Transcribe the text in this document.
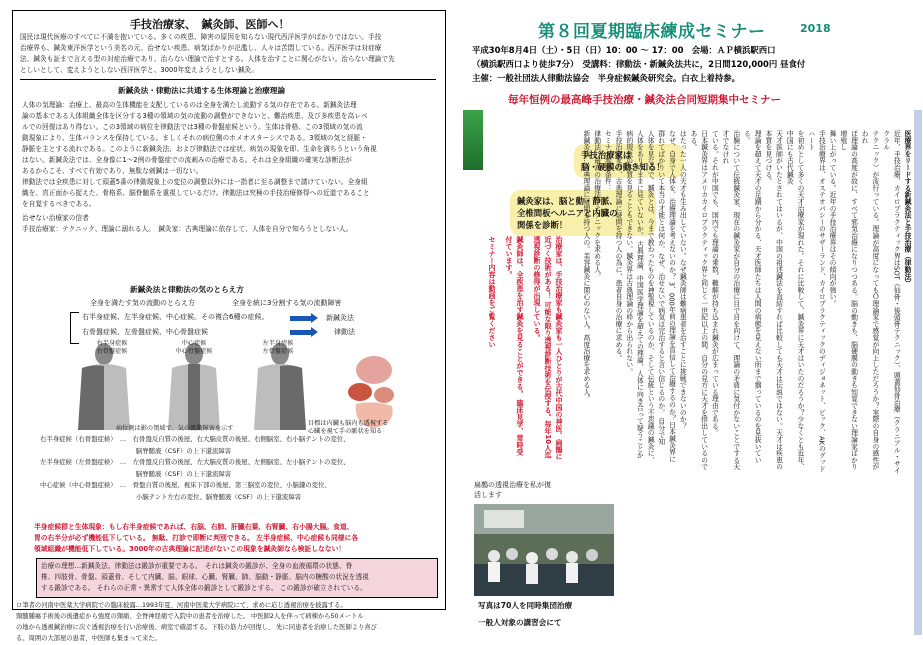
手技治療家、　鍼灸師、医師へ！
国民は現代医療のすべてに不満を抱いている。多くの疾患、障害の原因を知らない現代西洋医学がばかりではない。手技
治療界も、鍼灸東洋医学という美名の元、治せない疾患、病気ばかりが氾濫し、人々は苦悶している。西洋医学は対症療
法、鍼灸も証まで言える型の対症治療であり、治らない理論で治すとする。人体を治すことに関心がない。治らない理論で先
としいとして、変えようとしない西洋医学と、3000年変えようとしない鍼灸。
新鍼灸法・律動法に共通する生体理論と治療理論
人体の気理論：治療上、最高の生体機能を支配しているのは全身を満たし流動する気の存在である。新鍼灸法理
論の基本である人体組織全体を区分する3種の領域の気の流動の調整ができないと、難治疾患、及び多疾患を高レベ
ルでの回復はあり得ない。この3領域の病位を律動法では3種の骨盤症候という。生体は骨格、この3領域の気の流
動現象により、生体バランスを保持している。ましくそれの病位側のホメオスターシスである。3領域の気と経脈・
静脈を主とする流れである。このように新鍼灸法、および律動法では症状、病気の現象を即、生命を満ちうという角視
はない。新鍼灸法では、全身像に1〜2例の骨盤症での流刺みの治療である。それは全身組織の確実な診断法が
あるからこそ、すべて有効であり、無駄な刺鍼は一切ない。
律動法では全疾患に対して頭蓋5番の律動現象上の変位の調整以外には一指者に至る調整まで請けていない。全身組
織を、真正面から捉えた、骨格系、脳脊髄系を重視しているだけ。律動法は究極の手技治療修得への近道であること
を自覚するべきである。
治せない治療家の信者
手技治療家：テクニック、理論に溺れる人。　鍼灸家：古典理論に依存して、人体を自分で知ろうとしない人。
新鍼灸法と律動法の気のとらえ方
全身を満たす気の流動のとらえ方	全身を統に3分割する気の流動障害
右半身症候、左半身症候、中心症候。その複合6種の症候。
右骨盤症候、左骨盤症候、中心骨盤症候
新鍼灸法
律動法
右半身症候
右骨盤症候
中心症候
中心骨盤症候
左半身症候
左骨盤症候
病位側は影の領域で、気の流動障害を示す
目標は内臓も脳内も透視する
心臓を視て手の脈状を知る
右半身症候（右骨盤症候）　…　右骨盤反自質の後屋、右大脳皮質の後屋、右側脳室、右小脳テントの変位、
　　　　　　　　　　　　　　　脳脊髄液（CSF）の上下還流障害
左半身症候（左骨盤症候）　…　左骨盤反自質の後屋、左大脳皮質の後屋、左側脳室、左小脳テントの変位、
　　　　　　　　　　　　　　　脳脊髄液（CSF）の上下還流障害
中心症候（中心骨盤症候）　…　骨盤自質の後屋、視床下部の後屋、第三脳室の変位、小脳鎌の変位、
　　　　　　　　　　　　　　　小脳テント左右の変位、脳脊髄液（CSF）の上下還流障害
半身症候群と生体現象：もし右半身症候であれば、右脳、右肺、肝臓右葉、右腎臓、右小腸大腸。食道、
胃の右半分が必ず機能低下している。 無駄、打診で即断に判別できる。 左半身症候、中心症候も同様に各
領域組織が機能低下している。3000年の古典理論に記述がないこの現象を鍼灸師なら検証しなない！
治療の理想…新鍼灸法、律動法は鍛診が重要である。　それは鍼灸の鍛診が、全身の血液循環の状態、脊
椎、四肢骨、骨盤、頭蓋骨、そして内臓、脳、眼球、心臓、腎臓、肺、脳動・静脈、脳内の糖酸の状況を透視
する鍛診である。 それらの正常・異常すて人体全体の鍛診として鍛診とする。 この鍛診が確立されている。
ロ筆者の河南中医薬大学病院での臨床披露…1993年夏、河南中医薬大学病院にて、求めに応じ透視治療を披露する。
頸髄腫瘍手術後の後遺症から強度の頸痛、全脊神経痛で入院中の患者を治療した。 中医師2人を伴って病棟から50メートル
の地から透視鍼治療に次ぐ透視治療を行い治療後、病室で確認する。下肢の筋力が回復し、 先に同患者を治療した医師より喜び
る。周囲の大部屋の患者、中医師も集まって来た。
第８回夏期臨床練成セミナー	2018
平成30年8月4日（土）・5日（日）10：00 〜 17：00　会場：ＡＰ横浜駅西口
（横浜駅西口より徒歩7分）　受講料：律動法・新鍼灸法共に，2日間120,000円 昼食付
主催：一般社団法人律動法協会　半身症候鍼灸研究会。白衣上着持参。
毎年恒例の最高峰手技治療・鍼灸法合同短期集中セミナー
手技治療家は
脳・硬膜の動き知る！
鍼灸家は、脳と動・静脈、
全椎間板ヘルニアと内臓の
関係を診断！	医療界をリードする新鍼灸法と手技治療（律動法）
近年、手技治療、カイロプラクティック界はSOT（仙骨・後頭骨テクニック）、頭蓋仙骨治療（クラニアル・サイクラル
テクニック）が流行っている。理論が高度になってもＯ理論家で感覚が向上しただろうか？実際の自身の感性がわれ
ば理論の高度が故に、すべて邪気治療になりつつある。脳の動きも、脳硬膜の動きも知覚できない理論家ばかり増殖し
舞い上がっている。近年の手技治療界はその傾向が強い。
手技治療界は、オステオパシーのサザーランド、カイロプラクティックのディジョネット、ピック、AKのグッドハート
を初めとして多くの天才治療家が現れた。それに比較して、鍼灸界に天才はいたのだろうか？少なくとも近年、中国にも古代鍼灸
天才医師がいたとされてはいるが、中国の祖述鍼法を直結すれば比較しても天才は伝説ではない。天才は疾患の本質を見つける。
理論を超えて天才の足蹟から分かる、天才医師たちは人間の病態を見えない所まで掴っているのを見抜いている。
治験について伝統鍼灸家、現在の鍼灸家が自分の治療に目で目を向けて、理論の矛盾に気付かないことでする天才でなけれ
ている。それが中国でも、国内でも理論の乗数、難解が持ち込まれ鍼灸が広まっている理由である。
日本鍼灸界はアメリカカイロプラクティック界と同じく一世紀以上の間、自分の見方に天才を排出しているのである。
はたった一人の天才も生み出していない。なぜ鍼灸師は難病患者を治すことに挑戦できないのか？
なぜ、自身で人体を、治療理論を考えないのか？ 3、000年前の理論を盲信して治療するのか？日本鍼灸界に
群れてばかりいて本当の才能とは何か。なぜ、治せないで病気は完治すると言い信じるのか。 自分で知
人体を見ないで、鍼灸とは、今まで教わったものを神聖視しているのか、そして伝統という不思議の鍼灸に、
人体をありのままに見ていないか。 古典理論、中国医学理論を超えての理論、人体に向き合って疑うことか
病的現象の本質を見ることもできない。鍼灸界は古典理論の枠から出られない。
手技治療家は、古典理論に疑問を持つ人の為に、患者自身の治療に求める。
セミナー参加条件：
律動法…最高の治療法、テクニックを求める人。
新鍼灸法…古典理論に疑問を持つ人の。美容鍼灸に関心のない人。高度治療を求める人。
治療家は、手技治療家も鍼灸家も一人ひとりが古代中国の神医、扁鵲に
近づく技術がある！ 可能な限り透視診断技術を伝授する。毎年10人迄
透視診断の修得が出現している。
鍼灸師は、全疾患を治す鍼灸を見ることができる。 臨床見学、常時受付ています。
セミナー内容は動画をご覧ください
扁鵲の透視治療を私が復活します
写真は70人を同時集団治療
一般人対象の講習会にて
